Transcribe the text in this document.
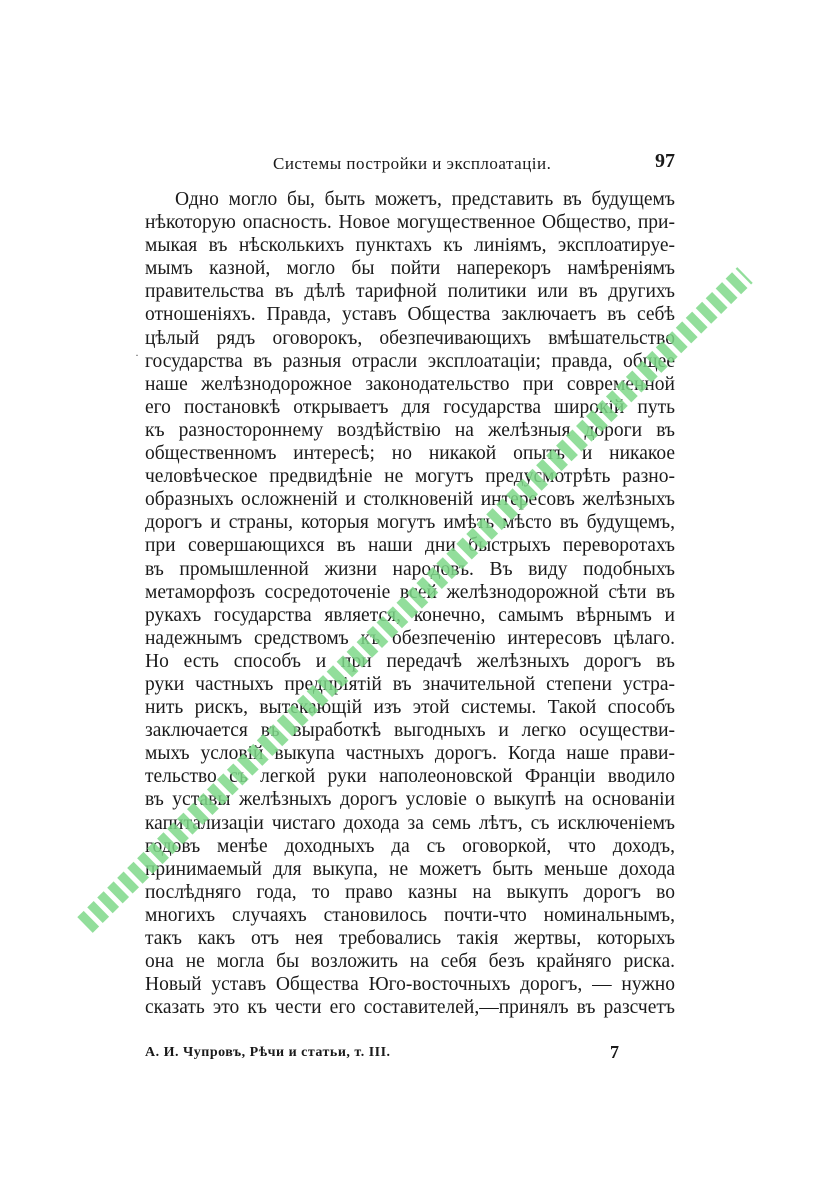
Системы постройки и эксплоатаціи.	97
·
Одно могло бы, быть можетъ, представить въ будущемъ
нѣкоторую опасность. Новое могущественное Общество, при-
мыкая въ нѣсколькихъ пунктахъ къ линіямъ, эксплоатируе-
мымъ казной, могло бы пойти наперекоръ намѣреніямъ
правительства въ дѣлѣ тарифной политики или въ другихъ
отношеніяхъ. Правда, уставъ Общества заключаетъ въ себѣ
цѣлый рядъ оговорокъ, обезпечивающихъ вмѣшательство
государства въ разныя отрасли эксплоатаціи; правда, общее
наше желѣзнодорожное законодательство при современной
его постановкѣ открываетъ для государства широкій путь
къ разностороннему воздѣйствію на желѣзныя дороги въ
общественномъ интересѣ; но никакой опытъ и никакое
человѣческое предвидѣніе не могутъ предусмотрѣть разно-
образныхъ осложненій и столкновеній интересовъ желѣзныхъ
дорогъ и страны, которыя могутъ имѣть мѣсто въ будущемъ,
при совершающихся въ наши дни быстрыхъ переворотахъ
въ промышленной жизни народовъ. Въ виду подобныхъ
метаморфозъ сосредоточеніе всей желѣзнодорожной сѣти въ
рукахъ государства является, конечно, самымъ вѣрнымъ и
надежнымъ средствомъ къ обезпеченію интересовъ цѣлаго.
Но есть способъ и при передачѣ желѣзныхъ дорогъ въ
руки частныхъ предпріятій въ значительной степени устра-
нить рискъ, вытекающій изъ этой системы. Такой способъ
заключается въ выработкѣ выгодныхъ и легко осуществи-
мыхъ условій выкупа частныхъ дорогъ. Когда наше прави-
тельство съ легкой руки наполеоновской Франціи вводило
въ уставы желѣзныхъ дорогъ условіе о выкупѣ на основаніи
капитализаціи чистаго дохода за семь лѣтъ, съ исключеніемъ
годовъ менѣе доходныхъ да съ оговоркой, что доходъ,
принимаемый для выкупа, не можетъ быть меньше дохода
послѣдняго года, то право казны на выкупъ дорогъ во
многихъ случаяхъ становилось почти-что номинальнымъ,
такъ какъ отъ нея требовались такія жертвы, которыхъ
она не могла бы возложить на себя безъ крайняго риска.
Новый уставъ Общества Юго-восточныхъ дорогъ, — нужно
сказать это къ чести его составителей,—принялъ въ разсчетъ
А. И. Чупровъ, Рѣчи и статьи, т. III.	7
